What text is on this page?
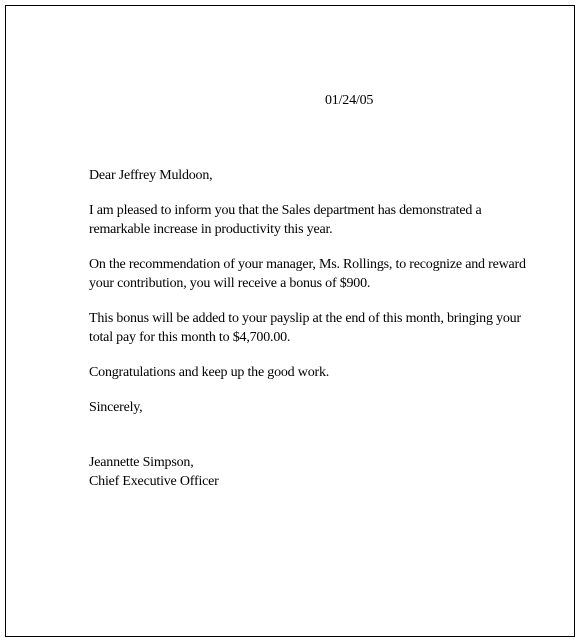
01/24/05

Dear Jeffrey Muldoon,

I am pleased to inform you that the Sales department has demonstrated a remarkable increase in productivity this year.

On the recommendation of your manager, Ms. Rollings, to recognize and reward your contribution, you will receive a bonus of $900.

This bonus will be added to your payslip at the end of this month, bringing your total pay for this month to $4,700.00.

Congratulations and keep up the good work.

Sincerely,

Jeannette Simpson,
Chief Executive Officer
